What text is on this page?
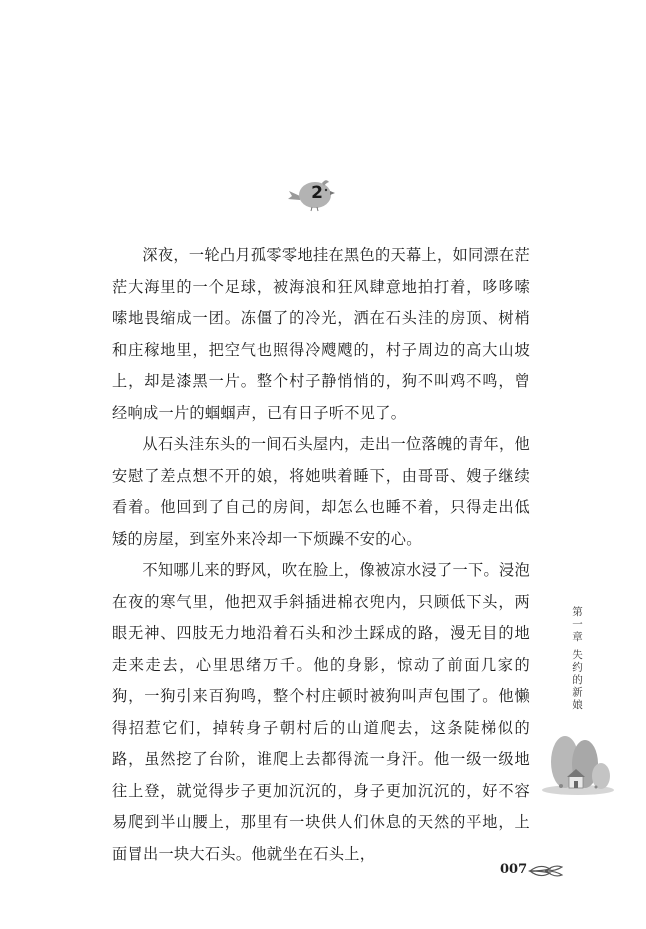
2

深夜，一轮凸月孤零零地挂在黑色的天幕上，如同漂在茫茫大海里的一个足球，被海浪和狂风肆意地拍打着，哆哆嗦嗦地畏缩成一团。冻僵了的冷光，洒在石头洼的房顶、树梢和庄稼地里，把空气也照得冷飕飕的，村子周边的高大山坡上，却是漆黑一片。整个村子静悄悄的，狗不叫鸡不鸣，曾经响成一片的蝈蝈声，已有日子听不见了。

从石头洼东头的一间石头屋内，走出一位落魄的青年，他安慰了差点想不开的娘，将她哄着睡下，由哥哥、嫂子继续看着。他回到了自己的房间，却怎么也睡不着，只得走出低矮的房屋，到室外来冷却一下烦躁不安的心。

不知哪儿来的野风，吹在脸上，像被凉水浸了一下。浸泡在夜的寒气里，他把双手斜插进棉衣兜内，只顾低下头，两眼无神、四肢无力地沿着石头和沙土踩成的路，漫无目的地走来走去，心里思绪万千。他的身影，惊动了前面几家的狗，一狗引来百狗鸣，整个村庄顿时被狗叫声包围了。他懒得招惹它们，掉转身子朝村后的山道爬去，这条陡梯似的路，虽然挖了台阶，谁爬上去都得流一身汗。他一级一级地往上登，就觉得步子更加沉沉的，身子更加沉沉的，好不容易爬到半山腰上，那里有一块供人们休息的天然的平地，上面冒出一块大石头。他就坐在石头上，

第一章 失约的新娘
007
